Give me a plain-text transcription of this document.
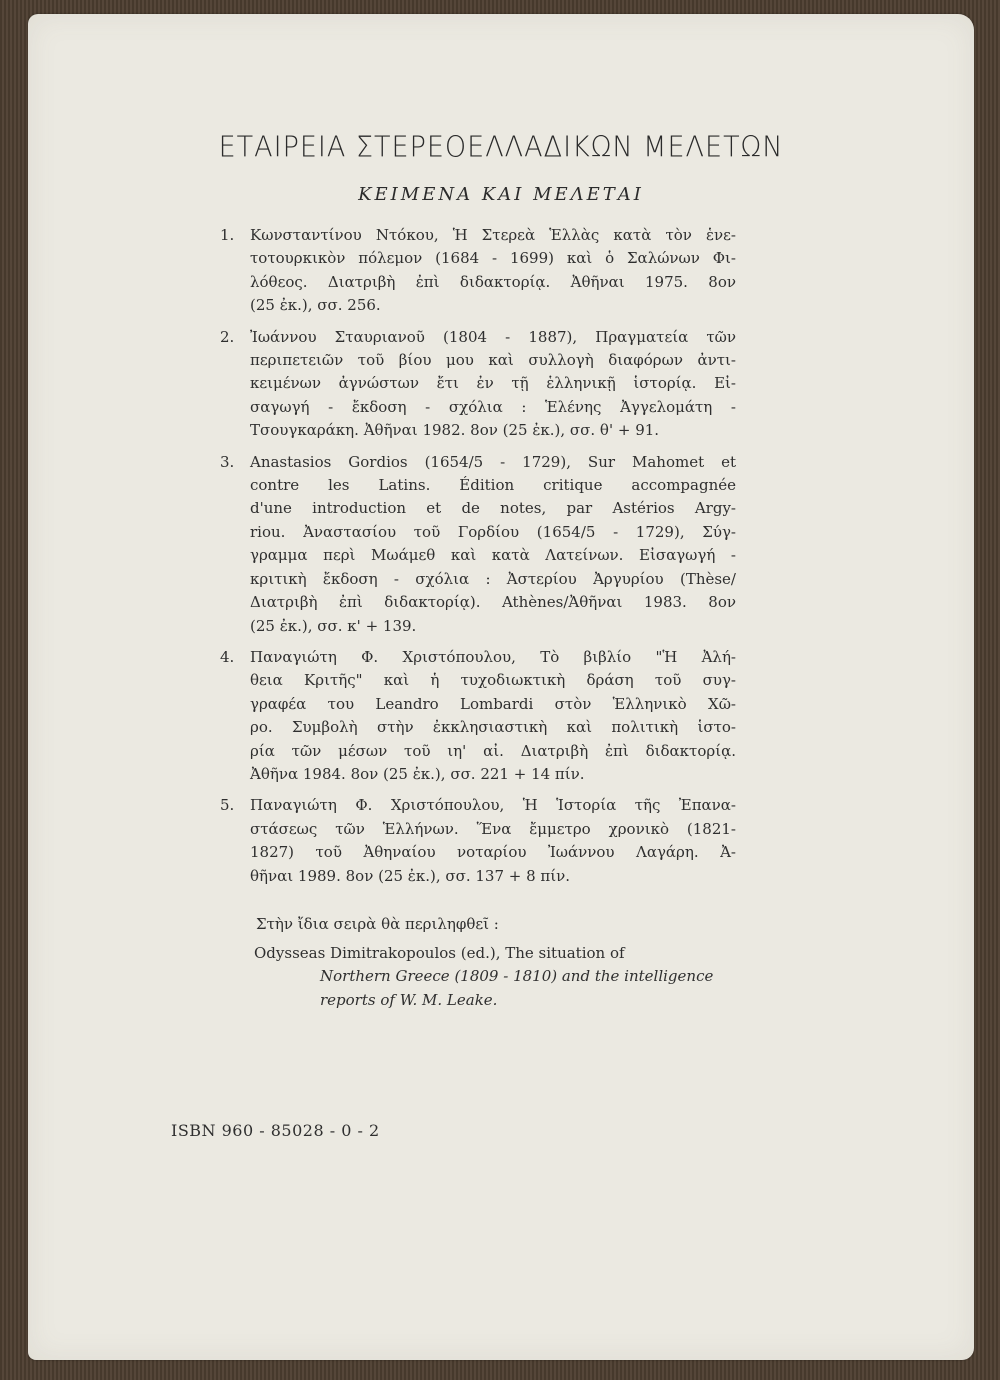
ΕΤΑΙΡΕΙΑ ΣΤΕΡΕΟΕΛΛΑΔΙΚΩΝ ΜΕΛΕΤΩΝ
ΚΕΙΜΕΝΑ ΚΑΙ ΜΕΛΕΤΑΙ
1. Κωνσταντίνου Ντόκου, Ἡ Στερεὰ Ἑλλὰς κατὰ τὸν ἑνε-
τοτουρκικὸν πόλεμον (1684 - 1699) καὶ ὁ Σαλώνων Φι-
λόθεος. Διατριβὴ ἐπὶ διδακτορίᾳ. Ἀθῆναι 1975. 8ον
(25 ἐκ.), σσ. 256.
2. Ἰωάννου Σταυριανοῦ (1804 - 1887), Πραγματεία τῶν
περιπετειῶν τοῦ βίου μου καὶ συλλογὴ διαφόρων ἀντι-
κειμένων ἀγνώστων ἔτι ἐν τῇ ἑλληνικῇ ἱστορίᾳ. Εἰ-
σαγωγή - ἔκδοση - σχόλια : Ἑλένης Ἀγγελομάτη -
Τσουγκαράκη. Ἀθῆναι 1982. 8ον (25 ἐκ.), σσ. θ' + 91.
3. Anastasios Gordios (1654/5 - 1729), Sur Mahomet et
contre les Latins. Édition critique accompagnée
d'une introduction et de notes, par Astérios Argy-
riou. Ἀναστασίου τοῦ Γορδίου (1654/5 - 1729), Σύγ-
γραμμα περὶ Μωάμεθ καὶ κατὰ Λατείνων. Εἰσαγωγή -
κριτικὴ ἔκδοση - σχόλια : Ἀστερίου Ἀργυρίου (Thèse/
Διατριβὴ ἐπὶ διδακτορίᾳ). Athènes/Ἀθῆναι 1983. 8ον
(25 ἐκ.), σσ. κ' + 139.
4. Παναγιώτη Φ. Χριστόπουλου, Τὸ βιβλίο "Ἡ Ἀλή-
θεια Κριτῆς" καὶ ἡ τυχοδιωκτικὴ δράση τοῦ συγ-
γραφέα του Leandro Lombardi στὸν Ἑλληνικὸ Χῶ-
ρο. Συμβολὴ στὴν ἐκκλησιαστικὴ καὶ πολιτικὴ ἱστο-
ρία τῶν μέσων τοῦ ιη' αἰ. Διατριβὴ ἐπὶ διδακτορίᾳ.
Ἀθῆνα 1984. 8ον (25 ἐκ.), σσ. 221 + 14 πίν.
5. Παναγιώτη Φ. Χριστόπουλου, Ἡ Ἱστορία τῆς Ἐπανα-
στάσεως τῶν Ἑλλήνων. Ἕνα ἔμμετρο χρονικὸ (1821-
1827) τοῦ Ἀθηναίου νοταρίου Ἰωάννου Λαγάρη. Ἀ-
θῆναι 1989. 8ον (25 ἐκ.), σσ. 137 + 8 πίν.
Στὴν ἴδια σειρὰ θὰ περιληφθεῖ :
Odysseas Dimitrakopoulos (ed.), The situation of
Northern Greece (1809 - 1810) and the intelligence
reports of W. M. Leake.
ISBN 960 - 85028 - 0 - 2
